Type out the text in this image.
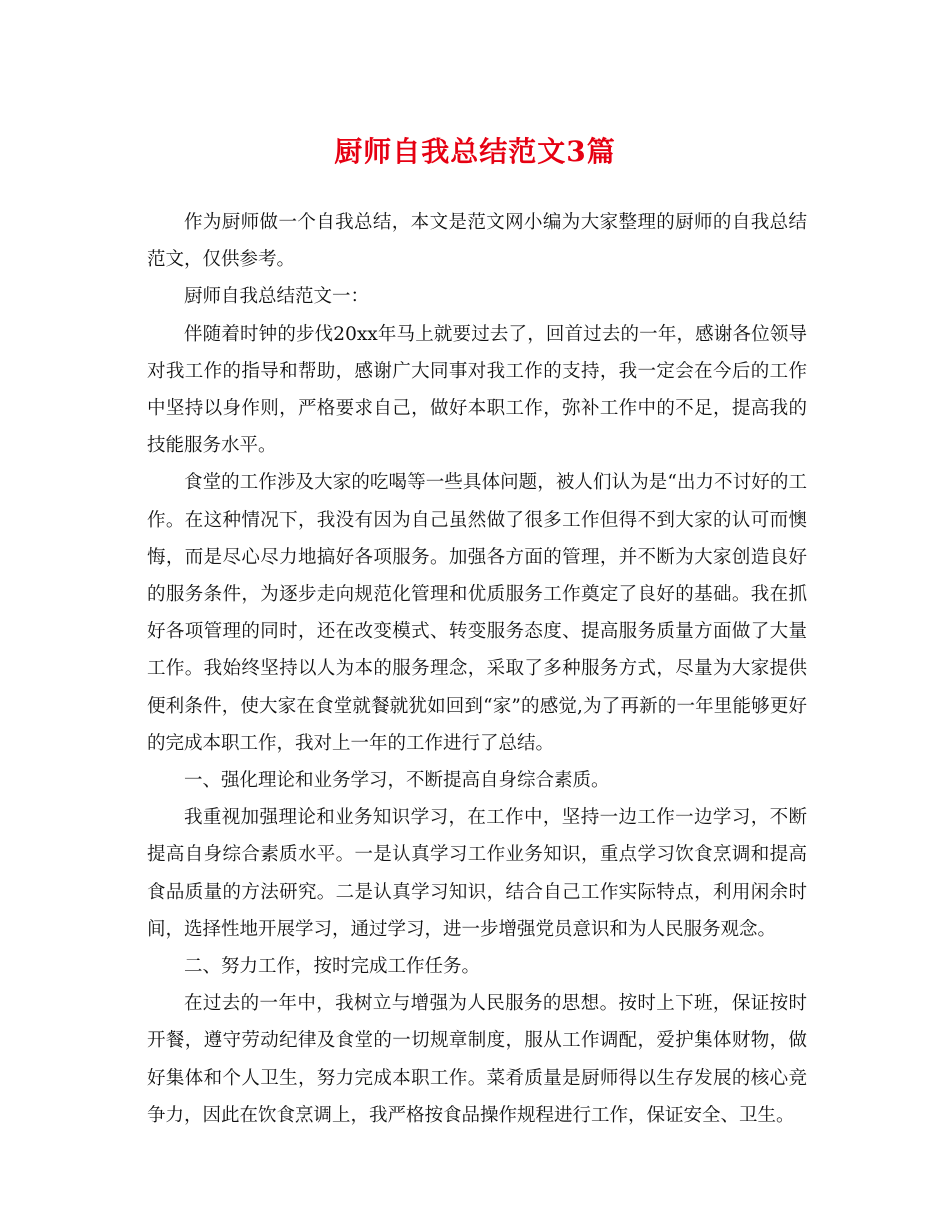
厨师自我总结范文3篇

作为厨师做一个自我总结，本文是范文网小编为大家整理的厨师的自我总结范文，仅供参考。

厨师自我总结范文一：

伴随着时钟的步伐20xx年马上就要过去了，回首过去的一年，感谢各位领导对我工作的指导和帮助，感谢广大同事对我工作的支持，我一定会在今后的工作中坚持以身作则，严格要求自己，做好本职工作，弥补工作中的不足，提高我的技能服务水平。

食堂的工作涉及大家的吃喝等一些具体问题，被人们认为是“出力不讨好的工作。在这种情况下，我没有因为自己虽然做了很多工作但得不到大家的认可而懊悔，而是尽心尽力地搞好各项服务。加强各方面的管理，并不断为大家创造良好的服务条件，为逐步走向规范化管理和优质服务工作奠定了良好的基础。我在抓好各项管理的同时，还在改变模式、转变服务态度、提高服务质量方面做了大量工作。我始终坚持以人为本的服务理念，采取了多种服务方式，尽量为大家提供便利条件，使大家在食堂就餐就犹如回到“家”的感觉,为了再新的一年里能够更好的完成本职工作，我对上一年的工作进行了总结。

一、强化理论和业务学习，不断提高自身综合素质。

我重视加强理论和业务知识学习，在工作中，坚持一边工作一边学习，不断提高自身综合素质水平。一是认真学习工作业务知识，重点学习饮食烹调和提高食品质量的方法研究。二是认真学习知识，结合自己工作实际特点，利用闲余时间，选择性地开展学习，通过学习，进一步增强党员意识和为人民服务观念。

二、努力工作，按时完成工作任务。

在过去的一年中，我树立与增强为人民服务的思想。按时上下班，保证按时开餐，遵守劳动纪律及食堂的一切规章制度，服从工作调配，爱护集体财物，做好集体和个人卫生，努力完成本职工作。菜肴质量是厨师得以生存发展的核心竞争力，因此在饮食烹调上，我严格按食品操作规程进行工作，保证安全、卫生。
